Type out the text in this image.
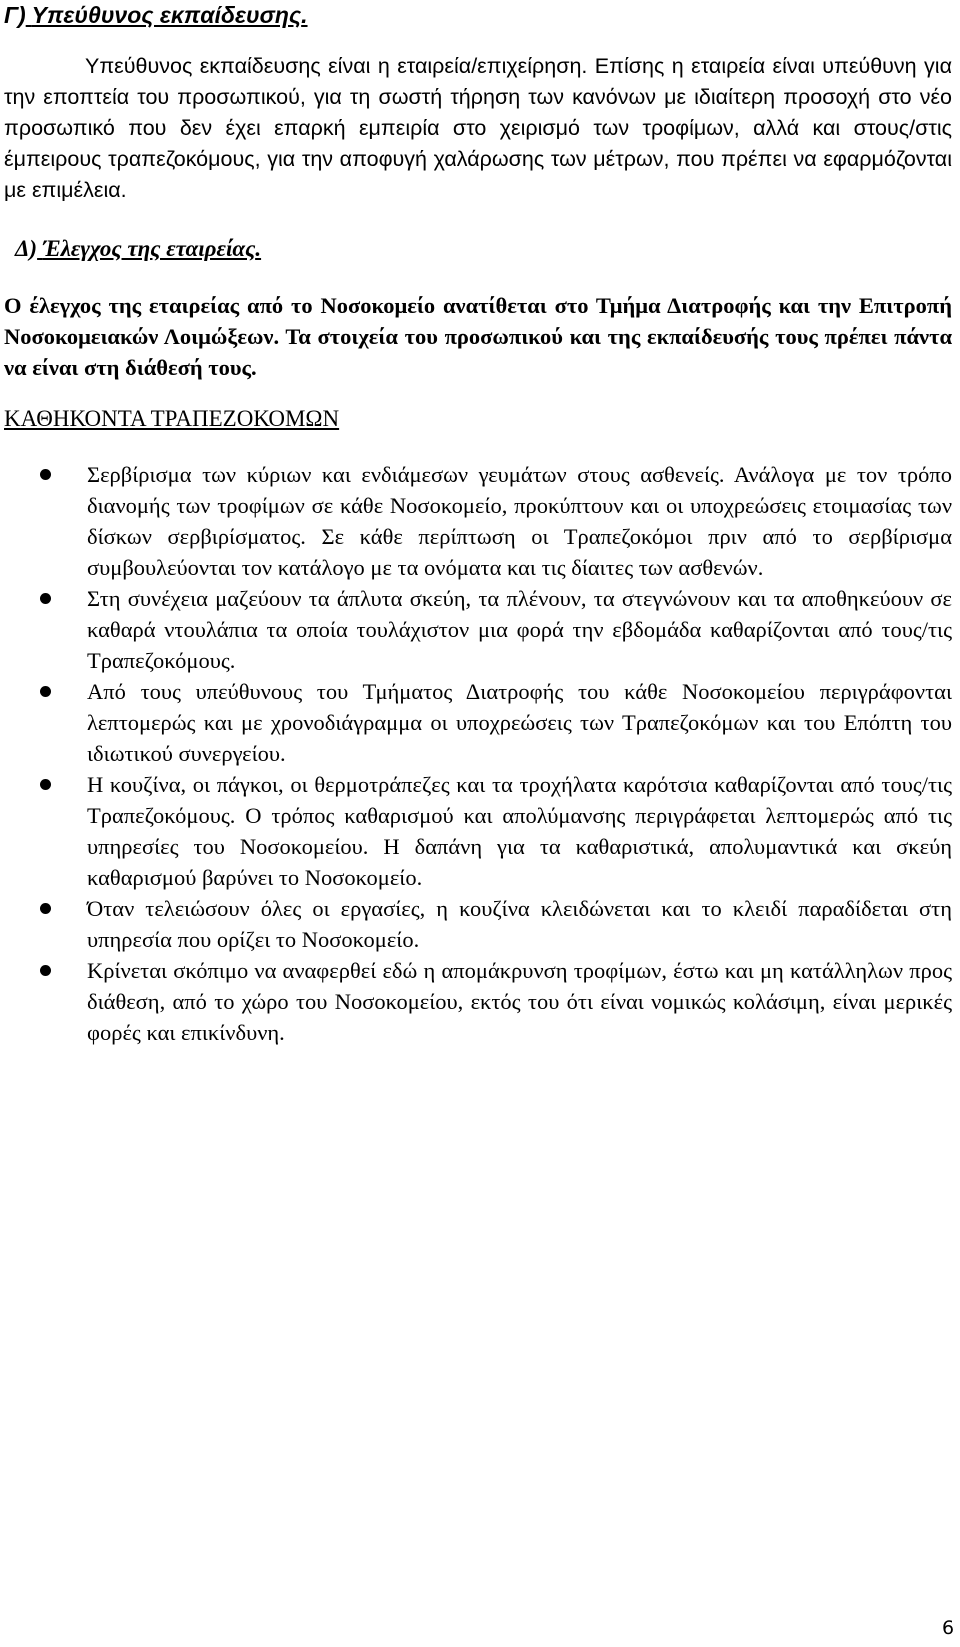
Γ) Υπεύθυνος εκπαίδευσης.

Υπεύθυνος εκπαίδευσης είναι η εταιρεία/επιχείρηση. Επίσης η εταιρεία είναι υπεύθυνη για την εποπτεία του προσωπικού, για τη σωστή τήρηση των κανόνων με ιδιαίτερη προσοχή στο νέο προσωπικό που δεν έχει επαρκή εμπειρία στο χειρισμό των τροφίμων, αλλά και στους/στις έμπειρους τραπεζοκόμους, για την αποφυγή χαλάρωσης των μέτρων, που πρέπει να εφαρμόζονται με επιμέλεια.

Δ) Έλεγχος της εταιρείας.

Ο έλεγχος της εταιρείας από το Νοσοκομείο ανατίθεται στο Τμήμα Διατροφής και την Επιτροπή Νοσοκομειακών Λοιμώξεων. Τα στοιχεία του προσωπικού και της εκπαίδευσής τους πρέπει πάντα να είναι στη διάθεσή τους.

ΚΑΘΗΚΟΝΤΑ ΤΡΑΠΕΖΟΚΟΜΩΝ
Σερβίρισμα των κύριων και ενδιάμεσων γευμάτων στους ασθενείς. Ανάλογα με τον τρόπο διανομής των τροφίμων σε κάθε Νοσοκομείο, προκύπτουν και οι υποχρεώσεις ετοιμασίας των δίσκων σερβιρίσματος. Σε κάθε περίπτωση οι Τραπεζοκόμοι πριν από το σερβίρισμα συμβουλεύονται τον κατάλογο με τα ονόματα και τις δίαιτες των ασθενών.
Στη συνέχεια μαζεύουν τα άπλυτα σκεύη, τα πλένουν, τα στεγνώνουν και τα αποθηκεύουν σε καθαρά ντουλάπια τα οποία τουλάχιστον μια φορά την εβδομάδα καθαρίζονται από τους/τις Τραπεζοκόμους.
Από τους υπεύθυνους του Τμήματος Διατροφής του κάθε Νοσοκομείου περιγράφονται λεπτομερώς και με χρονοδιάγραμμα οι υποχρεώσεις των Τραπεζοκόμων και του Επόπτη του ιδιωτικού συνεργείου.
Η κουζίνα, οι πάγκοι, οι θερμοτράπεζες και τα τροχήλατα καρότσια καθαρίζονται από τους/τις Τραπεζοκόμους. Ο τρόπος καθαρισμού και απολύμανσης περιγράφεται λεπτομερώς από τις υπηρεσίες του Νοσοκομείου. Η δαπάνη για τα καθαριστικά, απολυμαντικά και σκεύη καθαρισμού βαρύνει το Νοσοκομείο.
Όταν τελειώσουν όλες οι εργασίες, η κουζίνα κλειδώνεται και το κλειδί παραδίδεται στη υπηρεσία που ορίζει το Νοσοκομείο.
Κρίνεται σκόπιμο να αναφερθεί εδώ η απομάκρυνση τροφίμων, έστω και μη κατάλληλων προς διάθεση, από το χώρο του Νοσοκομείου, εκτός του ότι είναι νομικώς κολάσιμη, είναι μερικές φορές και επικίνδυνη.
6
